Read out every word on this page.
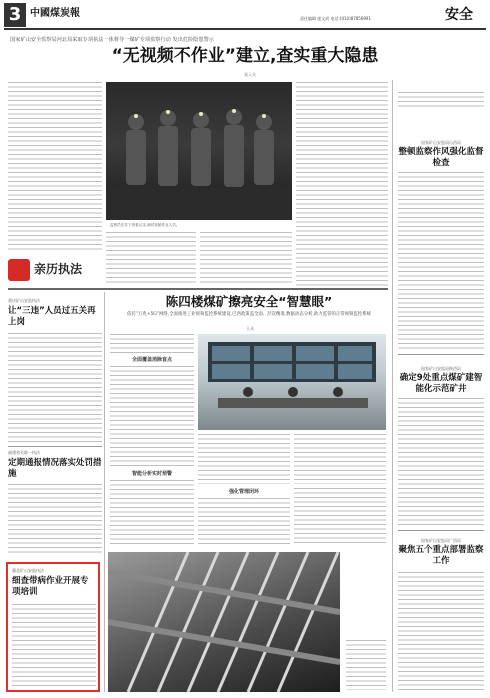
3 中國煤炭報	责任编辑 庞文成 电话:(010)87856991	安全
国家矿山安全监察局河北局采取专项执法一体督导一煤矿专项监察行动 发出危险隐患警示
“无视频不作业”建立,查实重大隐患
张入夫
监察员在井下查看记录,测试视频作业人员。
国家矿山安监局山西局
整顿监察作风强化监督检查
国家矿山安监局陕西局
确定9处重点煤矿建智能化示范矿井
国家矿山安监局广西局
聚焦五个重点部署监察工作
亲历执法
重庆矿山安监执法
让“三违”人员过五关再上岗
福建省关联一执法
定期通报情况落实处罚措施
冀北矿山安监执法
细查带病作业开展专项培训
陈四楼煤矿擦亮安全“智慧眼”
依托“万兆+5G”网络,全面推进工业视频监控系统建设,巴西政策盖全面、层次精准,数据动态分析,助力监管的正常视频监控系统
王众
全面覆盖消除盲点
智能分析实时预警
强化管理闭环
